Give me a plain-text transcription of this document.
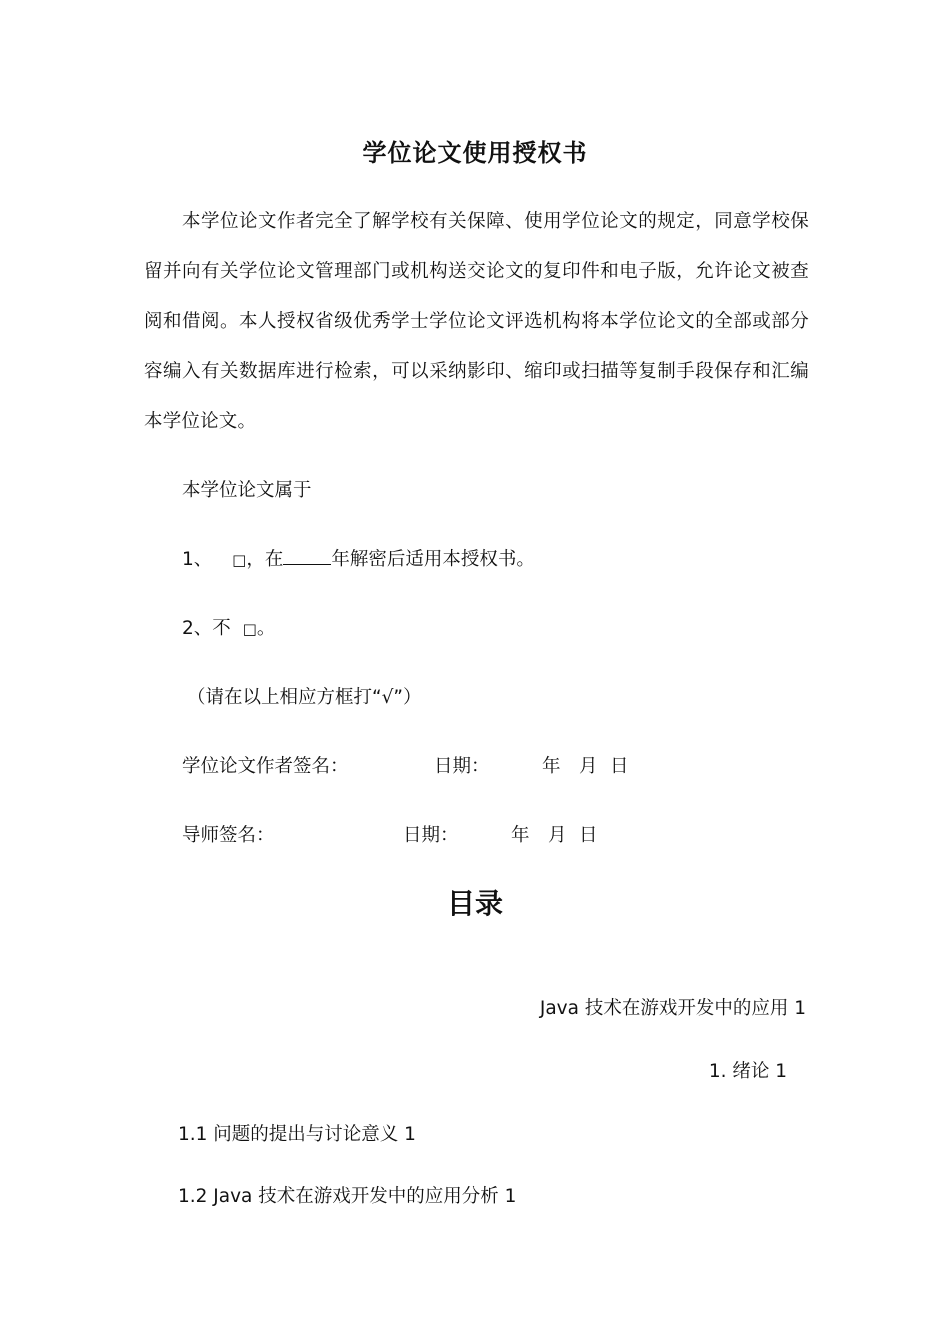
学位论文使用授权书
本学位论文作者完全了解学校有关保障、使用学位论文的规定，同意学校保留并向有关学位论文管理部门或机构送交论文的复印件和电子版，允许论文被查阅和借阅。本人授权省级优秀学士学位论文评选机构将本学位论文的全部或部分容编入有关数据库进行检索，可以采纳影印、缩印或扫描等复制手段保存和汇编本学位论文。
本学位论文属于
1、 □，在	年解密后适用本授权书。
2、不 □。
（请在以上相应方框打“√”）
学位论文作者签名：	日期：	年 月 日
导师签名：	日期：	年 月 日
目录
Java 技术在游戏开发中的应用 1
1. 绪论 1
1.1 问题的提出与讨论意义 1
1.2 Java 技术在游戏开发中的应用分析 1
